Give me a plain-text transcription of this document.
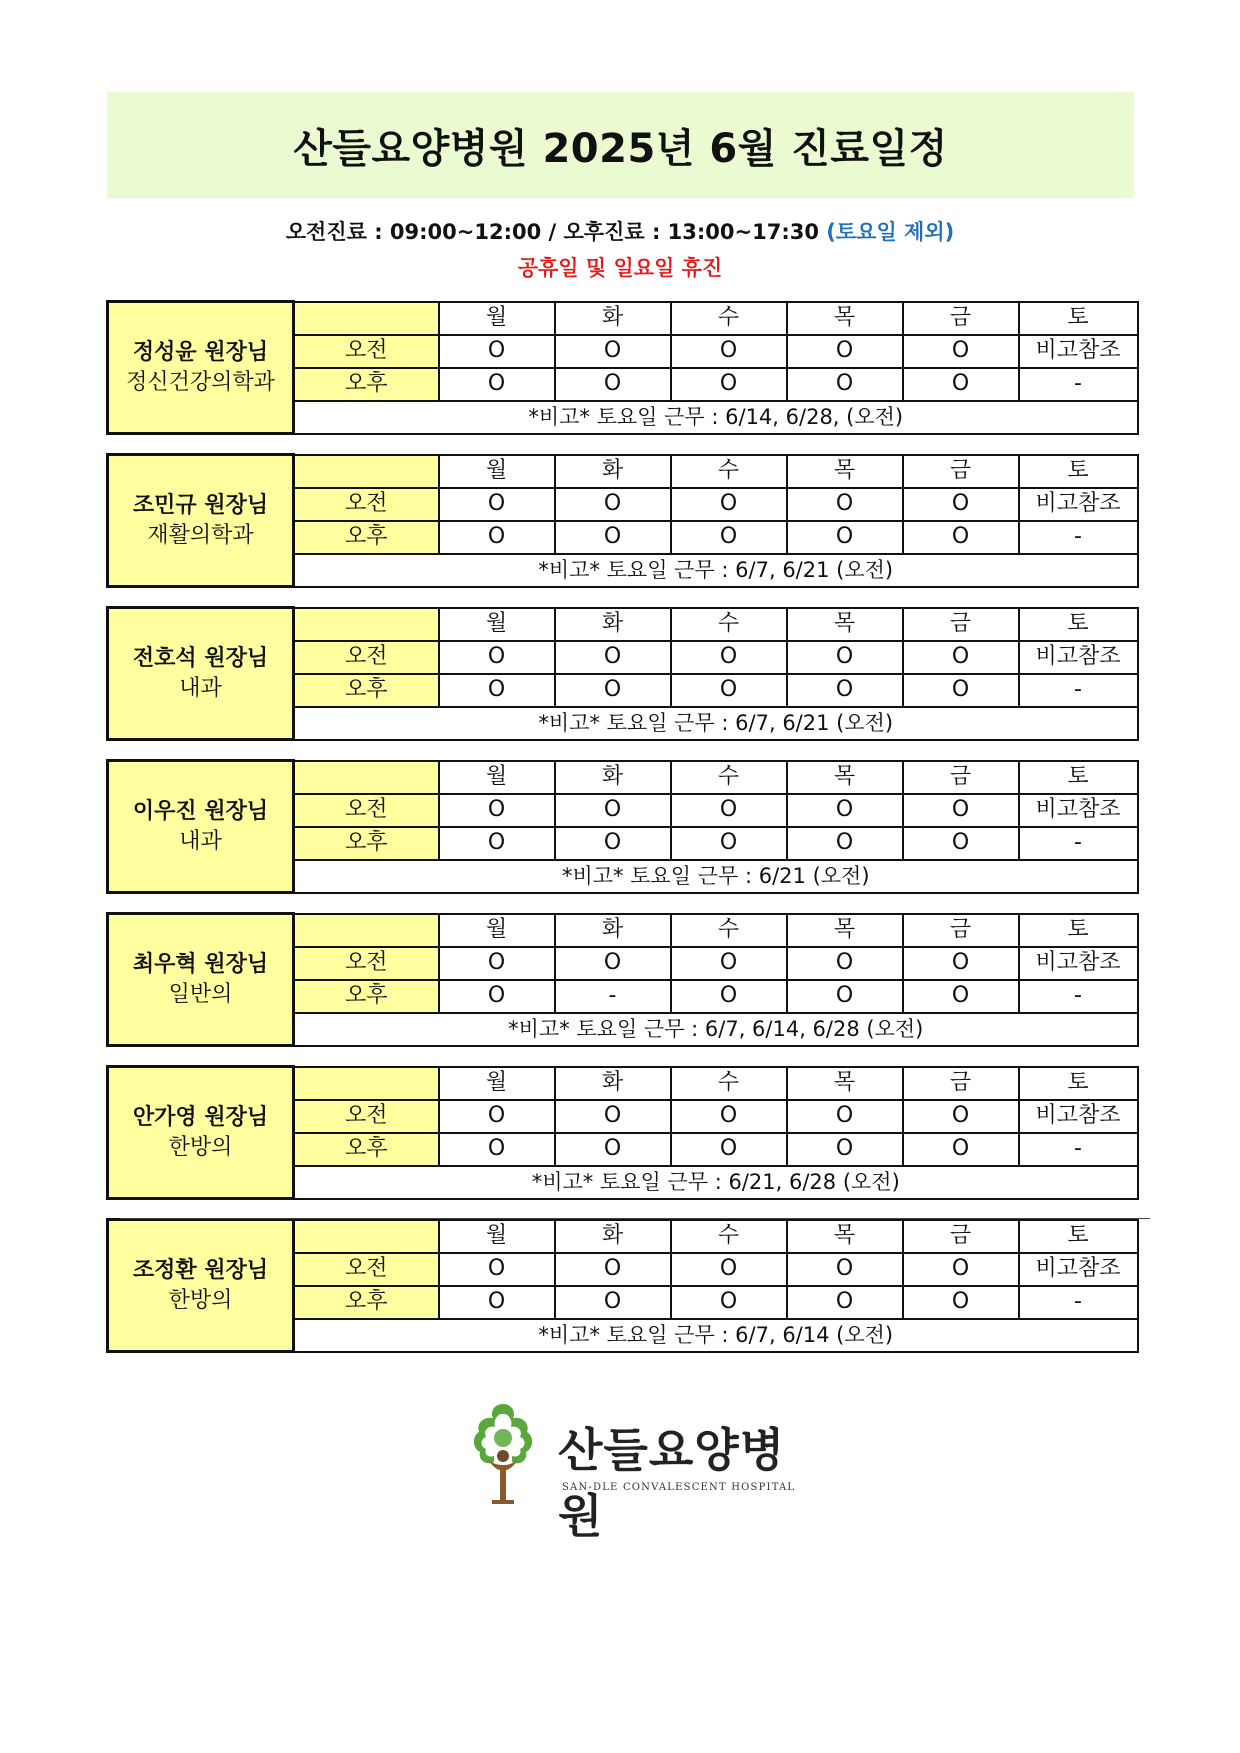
산들요양병원 2025년 6월 진료일정
오전진료 : 09:00~12:00 / 오후진료 : 13:00~17:30 (토요일 제외)
공휴일 및 일요일 휴진
정성윤 원장님
정신건강의학과		월	화	수	목	금	토
	오전	O	O	O	O	O	비고참조
	오후	O	O	O	O	O	-
	*비고* 토요일 근무 : 6/14, 6/28, (오전)						
조민규 원장님
재활의학과		월	화	수	목	금	토
	오전	O	O	O	O	O	비고참조
	오후	O	O	O	O	O	-
	*비고* 토요일 근무 : 6/7, 6/21 (오전)						
전호석 원장님
내과		월	화	수	목	금	토
	오전	O	O	O	O	O	비고참조
	오후	O	O	O	O	O	-
	*비고* 토요일 근무 : 6/7, 6/21 (오전)						
이우진 원장님
내과		월	화	수	목	금	토
	오전	O	O	O	O	O	비고참조
	오후	O	O	O	O	O	-
	*비고* 토요일 근무 : 6/21 (오전)						
최우혁 원장님
일반의		월	화	수	목	금	토
	오전	O	O	O	O	O	비고참조
	오후	O	-	O	O	O	-
	*비고* 토요일 근무 : 6/7, 6/14, 6/28 (오전)						
안가영 원장님
한방의		월	화	수	목	금	토
	오전	O	O	O	O	O	비고참조
	오후	O	O	O	O	O	-
	*비고* 토요일 근무 : 6/21, 6/28 (오전)						
조정환 원장님
한방의		월	화	수	목	금	토
	오전	O	O	O	O	O	비고참조
	오후	O	O	O	O	O	-
	*비고* 토요일 근무 : 6/7, 6/14 (오전)						
산들요양병원
SAN-DLE CONVALESCENT HOSPITAL
